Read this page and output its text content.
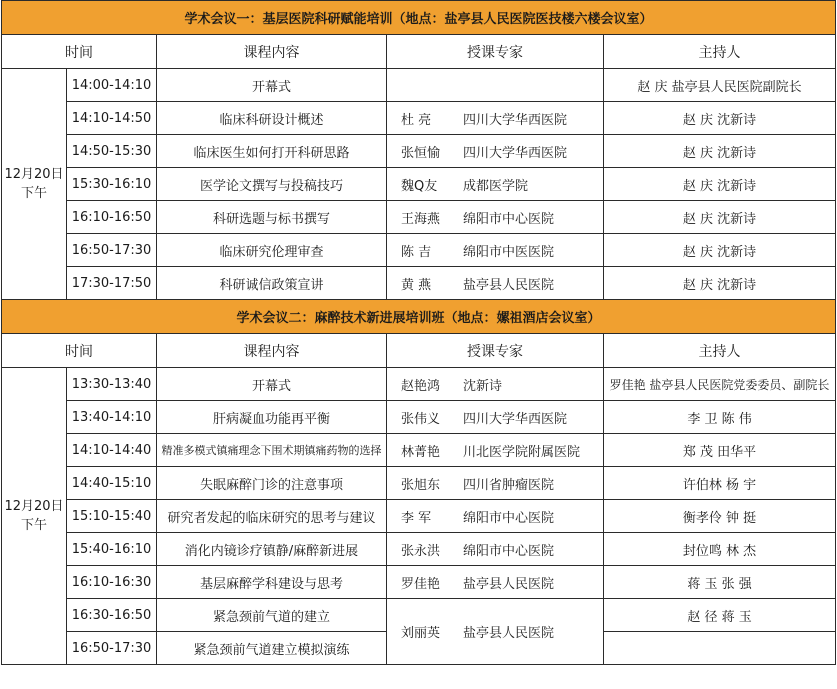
学术会议一：基层医院科研赋能培训（地点：盐亭县人民医院医技楼六楼会议室）				
时间		课程内容	授课专家	主持人

12月20日
下午	14:00-14:10	开幕式		赵 庆 盐亭县人民医院副院长
	14:10-14:50	临床科研设计概述	杜 亮 四川大学华西医院	赵 庆 沈新诗
	14:50-15:30	临床医生如何打开科研思路	张恒愉 四川大学华西医院	赵 庆 沈新诗
	15:30-16:10	医学论文撰写与投稿技巧	魏Q友 成都医学院	赵 庆 沈新诗
	16:10-16:50	科研选题与标书撰写	王海燕 绵阳市中心医院	赵 庆 沈新诗
	16:50-17:30	临床研究伦理审查	陈 吉 绵阳市中医医院	赵 庆 沈新诗
	17:30-17:50	科研诚信政策宣讲	黄 燕 盐亭县人民医院	赵 庆 沈新诗
学术会议二：麻醉技术新进展培训班（地点：嫘祖酒店会议室）				
时间		课程内容	授课专家	主持人

12月20日
下午	13:30-13:40	开幕式	赵艳鸿 沈新诗	罗佳艳 盐亭县人民医院党委委员、副院长
	13:40-14:10	肝病凝血功能再平衡	张伟义 四川大学华西医院	李 卫 陈 伟
	14:10-14:40	精准多模式镇痛理念下围术期镇痛药物的选择	林菁艳 川北医学院附属医院	郑 茂 田华平
	14:40-15:10	失眠麻醉门诊的注意事项	张旭东 四川省肿瘤医院	许伯林 杨 宇
	15:10-15:40	研究者发起的临床研究的思考与建议	李 军 绵阳市中心医院	衡孝伶 钟 挺
	15:40-16:10	消化内镜诊疗镇静/麻醉新进展	张永洪 绵阳市中心医院	封位鸣 林 杰
	16:10-16:30	基层麻醉学科建设与思考	罗佳艳 盐亭县人民医院	蒋 玉 张 强
	16:30-16:50	紧急颈前气道的建立	刘丽英 盐亭县人民医院	赵 径 蒋 玉
	16:50-17:30	紧急颈前气道建立模拟演练		
